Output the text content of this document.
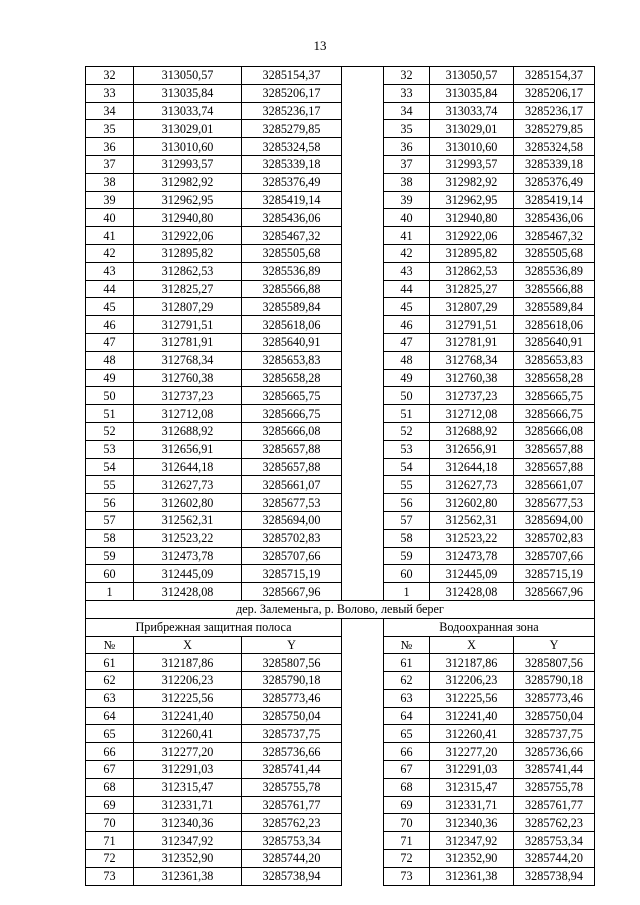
13
32	313050,57	3285154,37		32	313050,57	3285154,37
33	313035,84	3285206,17		33	313035,84	3285206,17
34	313033,74	3285236,17		34	313033,74	3285236,17
35	313029,01	3285279,85		35	313029,01	3285279,85
36	313010,60	3285324,58		36	313010,60	3285324,58
37	312993,57	3285339,18		37	312993,57	3285339,18
38	312982,92	3285376,49		38	312982,92	3285376,49
39	312962,95	3285419,14		39	312962,95	3285419,14
40	312940,80	3285436,06		40	312940,80	3285436,06
41	312922,06	3285467,32		41	312922,06	3285467,32
42	312895,82	3285505,68		42	312895,82	3285505,68
43	312862,53	3285536,89		43	312862,53	3285536,89
44	312825,27	3285566,88		44	312825,27	3285566,88
45	312807,29	3285589,84		45	312807,29	3285589,84
46	312791,51	3285618,06		46	312791,51	3285618,06
47	312781,91	3285640,91		47	312781,91	3285640,91
48	312768,34	3285653,83		48	312768,34	3285653,83
49	312760,38	3285658,28		49	312760,38	3285658,28
50	312737,23	3285665,75		50	312737,23	3285665,75
51	312712,08	3285666,75		51	312712,08	3285666,75
52	312688,92	3285666,08		52	312688,92	3285666,08
53	312656,91	3285657,88		53	312656,91	3285657,88
54	312644,18	3285657,88		54	312644,18	3285657,88
55	312627,73	3285661,07		55	312627,73	3285661,07
56	312602,80	3285677,53		56	312602,80	3285677,53
57	312562,31	3285694,00		57	312562,31	3285694,00
58	312523,22	3285702,83		58	312523,22	3285702,83
59	312473,78	3285707,66		59	312473,78	3285707,66
60	312445,09	3285715,19		60	312445,09	3285715,19
1	312428,08	3285667,96		1	312428,08	3285667,96
дер. Залеменьга, р. Волово, левый берег						
Прибрежная защитная полоса				Водоохранная зона		
№	X	Y		№	X	Y
61	312187,86	3285807,56		61	312187,86	3285807,56
62	312206,23	3285790,18		62	312206,23	3285790,18
63	312225,56	3285773,46		63	312225,56	3285773,46
64	312241,40	3285750,04		64	312241,40	3285750,04
65	312260,41	3285737,75		65	312260,41	3285737,75
66	312277,20	3285736,66		66	312277,20	3285736,66
67	312291,03	3285741,44		67	312291,03	3285741,44
68	312315,47	3285755,78		68	312315,47	3285755,78
69	312331,71	3285761,77		69	312331,71	3285761,77
70	312340,36	3285762,23		70	312340,36	3285762,23
71	312347,92	3285753,34		71	312347,92	3285753,34
72	312352,90	3285744,20		72	312352,90	3285744,20
73	312361,38	3285738,94		73	312361,38	3285738,94
